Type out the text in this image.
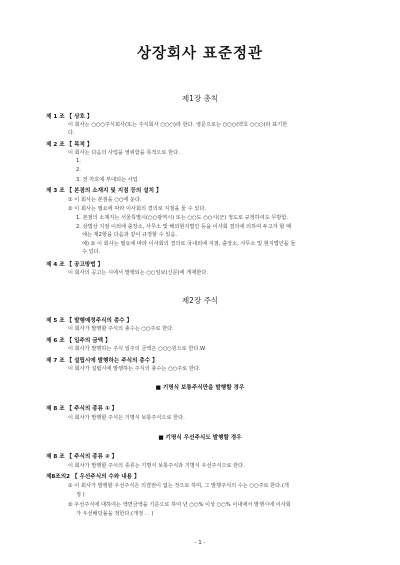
상장회사 표준정관
제1장 총칙
제 1 조 【 상호 】
이 회사는 ○○○주식회사(또는 주식회사 ○○○)라 한다. 영문으로는 ○○○(약호 ○○○)라 표기한
다.
제 2 조 【 목적 】
이 회사는 다음의 사업을 영위함을 목적으로 한다.
1.
2.
3. 전 각호에 부대되는 사업
제 3 조 【 본점의 소재지 및 지점 등의 설치 】
① 이 회사는 본점을 ○○에 둔다.
② 이 회사는 필요에 따라 이사회의 결의로 지점을 둘 수 있다.
1. 본점의 소재지는 서울특별시(○○광역시) 또는 ○○도 ○○시(군) 정도로 규정하여도 무방함.
2. 상법상 지점 이외에 출장소, 사무소 및 해외현지법인 등을 이사회 결의에 의하여 두고자 할 때
에는 제2항을 다음과 같이 규정할 수 있음.
예) ② 이 회사는 필요에 따라 이사회의 결의로 국내외에 지점, 출장소, 사무소 및 현지법인을 둘
수 있다.
제 4 조 【 공고방법 】
이 회사의 공고는 시에서 발행되는 ○○일보(신문)에 게재한다.
제2장 주식
제 5 조 【 발행예정주식의 총수 】
이 회사가 발행할 주식의 총수는 ○○주로 한다.
제 6 조 【 일주의 금액 】
이 회사가 발행하는 주식 일주의 금액은 ○○○원으로 한다.W
제 7 조 【 설립시에 발행하는 주식의 총수 】
이 회사가 설립시에 발행하는 주식의 총수는 ○○주로 한다.
■ 기명식 보통주식만을 발행할 경우
제 8 조 【 주식의 종류 ① 】
이 회사가 발행할 주식은 기명식 보통주식으로 한다.
■ 기명식 우선주식도 발행할 경우
제 8 조 【 주식의 종류 ② 】
이 회사가 발행할 주식의 종류는 기명식 보통주식과 기명식 우선주식으로 한다.
제8조의2 【 우선주식의 수와 내용 】
① 이 회사가 발행할 우선주식은 의결권이 없는 것으로 하며, 그 발행주식의 수는 ○○주로 한다.(개
정 )
② 우선주식에 대하여는 액면금액을 기준으로 하여 년 ○○% 이상 ○○% 이내에서 발행시에 이사회
가 우선배당률을 정한다.(개정 . . )
- 1 -
